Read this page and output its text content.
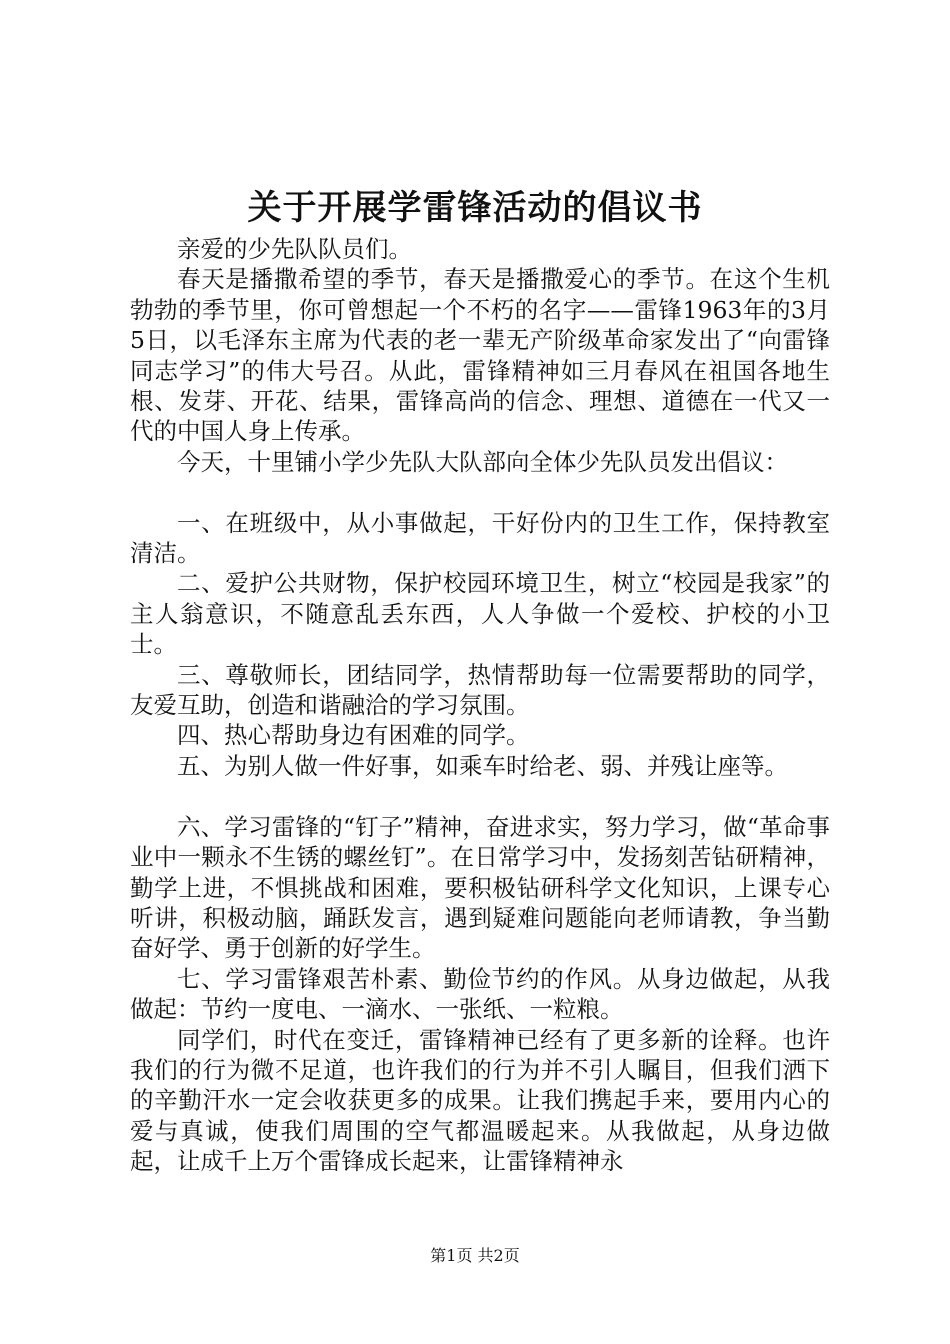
关于开展学雷锋活动的倡议书

亲爱的少先队队员们。

春天是播撒希望的季节，春天是播撒爱心的季节。在这个生机勃勃的季节里，你可曾想起一个不朽的名字——雷锋1963年的3月5日，以毛泽东主席为代表的老一辈无产阶级革命家发出了“向雷锋同志学习”的伟大号召。从此，雷锋精神如三月春风在祖国各地生根、发芽、开花、结果，雷锋高尚的信念、理想、道德在一代又一代的中国人身上传承。

今天，十里铺小学少先队大队部向全体少先队员发出倡议：

一、在班级中，从小事做起，干好份内的卫生工作，保持教室清洁。

二、爱护公共财物，保护校园环境卫生，树立“校园是我家”的主人翁意识，不随意乱丢东西，人人争做一个爱校、护校的小卫士。

三、尊敬师长，团结同学，热情帮助每一位需要帮助的同学，友爱互助，创造和谐融洽的学习氛围。

四、热心帮助身边有困难的同学。

五、为别人做一件好事，如乘车时给老、弱、并残让座等。

六、学习雷锋的“钉子”精神，奋进求实，努力学习，做“革命事业中一颗永不生锈的螺丝钉”。在日常学习中，发扬刻苦钻研精神，勤学上进，不惧挑战和困难，要积极钻研科学文化知识，上课专心听讲，积极动脑，踊跃发言，遇到疑难问题能向老师请教，争当勤奋好学、勇于创新的好学生。

七、学习雷锋艰苦朴素、勤俭节约的作风。从身边做起，从我做起：节约一度电、一滴水、一张纸、一粒粮。

同学们，时代在变迁，雷锋精神已经有了更多新的诠释。也许我们的行为微不足道，也许我们的行为并不引人瞩目，但我们洒下的辛勤汗水一定会收获更多的成果。让我们携起手来，要用内心的爱与真诚，使我们周围的空气都温暖起来。从我做起，从身边做起，让成千上万个雷锋成长起来，让雷锋精神永

第1页 共2页
